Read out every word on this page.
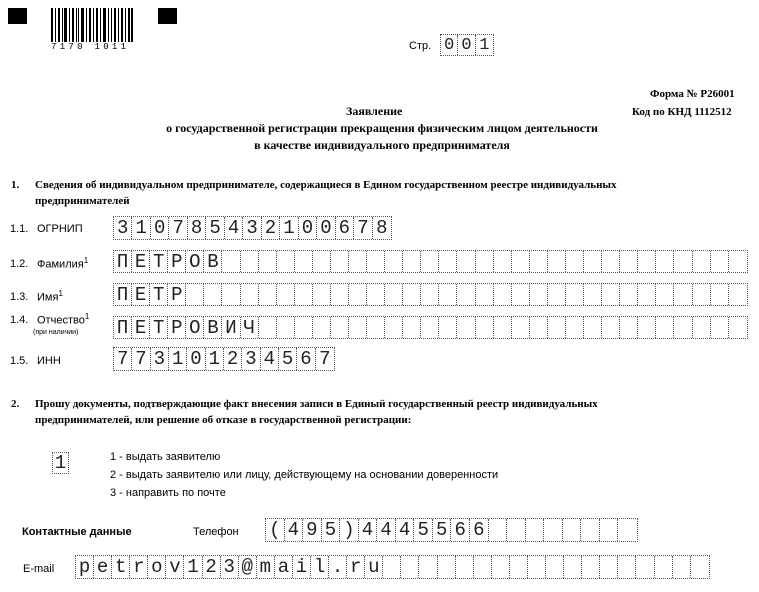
7170 1011	Стр. 0 0 1
Форма № Р26001
Код по КНД 1112512
Заявление
о государственной регистрации прекращения физическим лицом деятельности
в качестве индивидуального предпринимателя
1. Сведения об индивидуальном предпринимателе, содержащиеся в Едином государственном реестре индивидуальных
предпринимателей
1.1. ОГРНИП 3 1 0 7 8 5 4 3 2 1 0 0 6 7 8
1.2. Фамилия$^1$ П Е Т Р О В
1.3. Имя$^1$	П Е Т Р
1.4. Отчество$^1$
(при наличии) П Е Т Р О В И Ч
1.5. ИНН	7 7 3 1 0 1 2 3 4 5 6 7
2. Прошу документы, подтверждающие факт внесения записи в Единый государственный реестр индивидуальных
предпринимателей, или решение об отказе в государственной регистрации:
1	1 - выдать заявителю
2 - выдать заявителю или лицу, действующему на основании доверенности
3 - направить по почте
Контактные данные	Телефон ( 4 9 5 ) 4 4 4 5 5 6 6
E-mail p e t r o v 1 2 3 @ m a i l . r u
